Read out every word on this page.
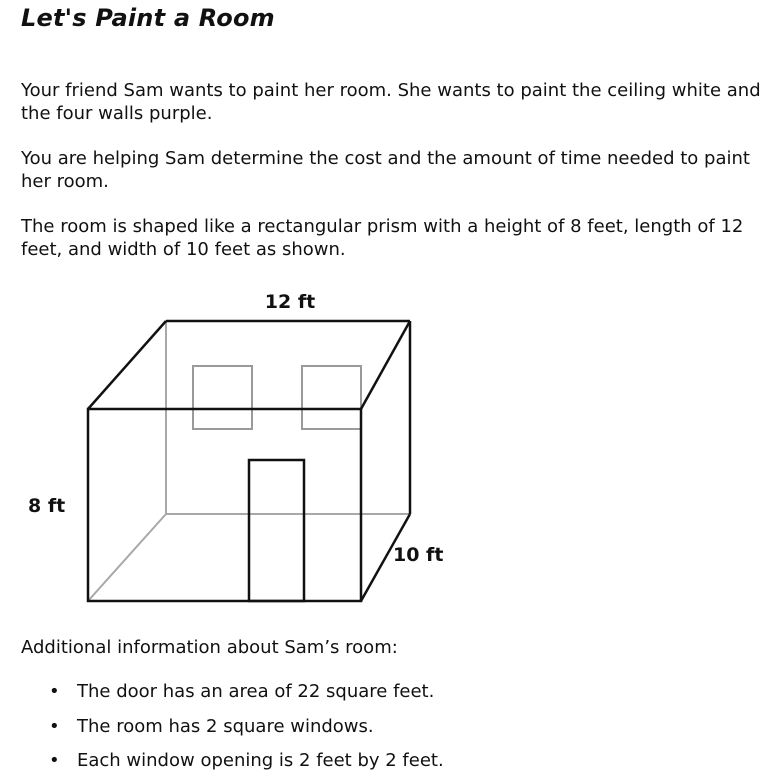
Let's Paint a Room

Your friend Sam wants to paint her room. She wants to paint the ceiling white and the four walls purple.

You are helping Sam determine the cost and the amount of time needed to paint her room.

The room is shaped like a rectangular prism with a height of 8 feet, length of 12 feet, and width of 10 feet as shown.

12 ft
8 ft
10 ft

Additional information about Sam’s room:

• The door has an area of 22 square feet.
• The room has 2 square windows.
• Each window opening is 2 feet by 2 feet.
